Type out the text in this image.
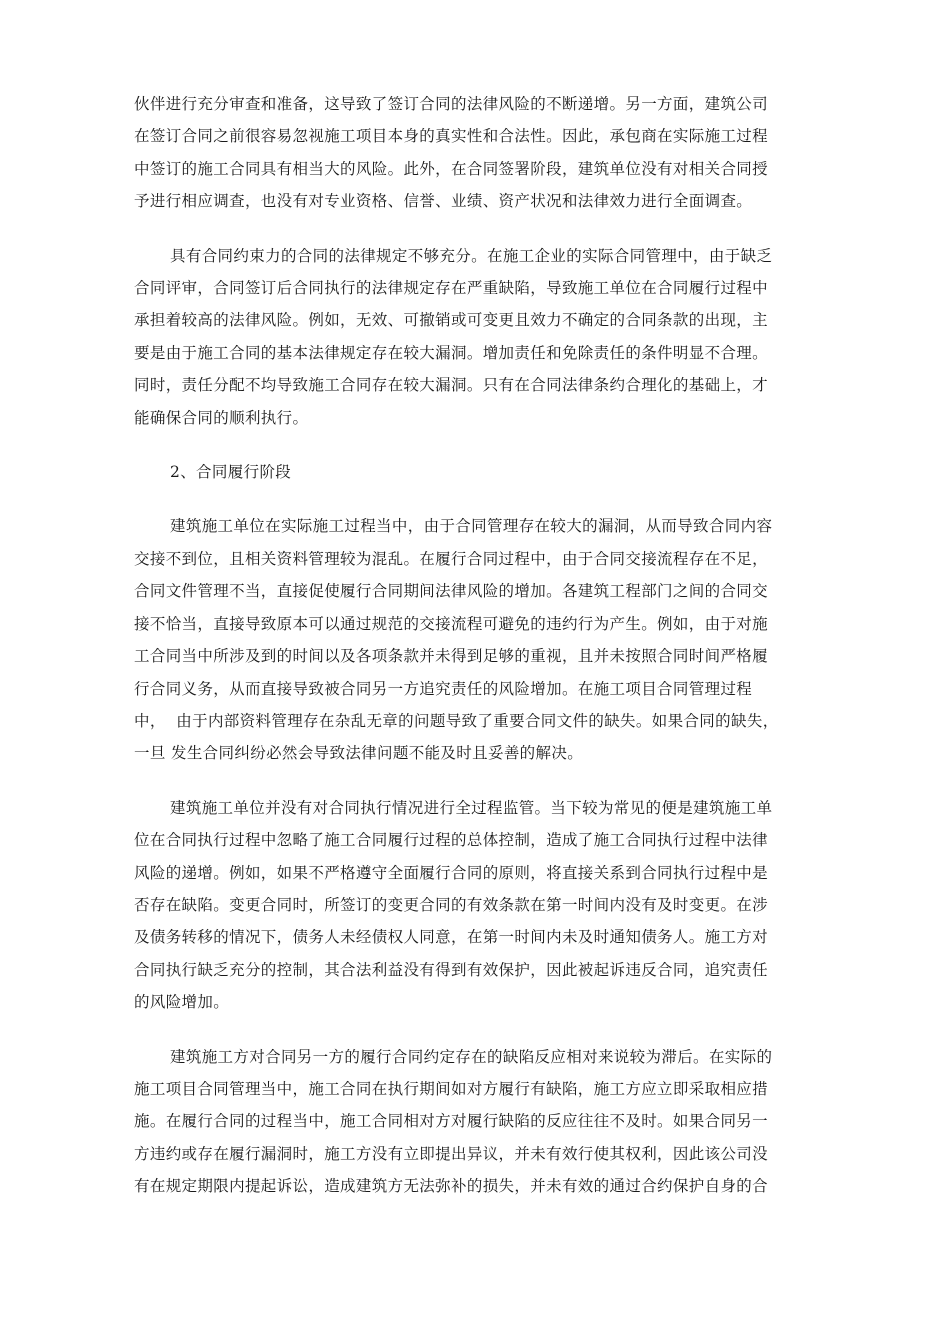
伙伴进行充分审查和准备，这导致了签订合同的法律风险的不断递增。另一方面，建筑公司
在签订合同之前很容易忽视施工项目本身的真实性和合法性。因此，承包商在实际施工过程
中签订的施工合同具有相当大的风险。此外，在合同签署阶段，建筑单位没有对相关合同授
予进行相应调查，也没有对专业资格、信誉、业绩、资产状况和法律效力进行全面调查。
具有合同约束力的合同的法律规定不够充分。在施工企业的实际合同管理中，由于缺乏
合同评审，合同签订后合同执行的法律规定存在严重缺陷，导致施工单位在合同履行过程中
承担着较高的法律风险。例如，无效、可撤销或可变更且效力不确定的合同条款的出现，主
要是由于施工合同的基本法律规定存在较大漏洞。增加责任和免除责任的条件明显不合理。
同时，责任分配不均导致施工合同存在较大漏洞。只有在合同法律条约合理化的基础上，才
能确保合同的顺利执行。
2、合同履行阶段
建筑施工单位在实际施工过程当中，由于合同管理存在较大的漏洞，从而导致合同内容
交接不到位，且相关资料管理较为混乱。在履行合同过程中，由于合同交接流程存在不足，
合同文件管理不当，直接促使履行合同期间法律风险的增加。各建筑工程部门之间的合同交
接不恰当，直接导致原本可以通过规范的交接流程可避免的违约行为产生。例如，由于对施
工合同当中所涉及到的时间以及各项条款并未得到足够的重视，且并未按照合同时间严格履
行合同义务，从而直接导致被合同另一方追究责任的风险增加。在施工项目合同管理过程
中，  由于内部资料管理存在杂乱无章的问题导致了重要合同文件的缺失。如果合同的缺失，
一旦 发生合同纠纷必然会导致法律问题不能及时且妥善的解决。
建筑施工单位并没有对合同执行情况进行全过程监管。当下较为常见的便是建筑施工单
位在合同执行过程中忽略了施工合同履行过程的总体控制，造成了施工合同执行过程中法律
风险的递增。例如，如果不严格遵守全面履行合同的原则，将直接关系到合同执行过程中是
否存在缺陷。变更合同时，所签订的变更合同的有效条款在第一时间内没有及时变更。在涉
及债务转移的情况下，债务人未经债权人同意，在第一时间内未及时通知债务人。施工方对
合同执行缺乏充分的控制，其合法利益没有得到有效保护，因此被起诉违反合同，追究责任
的风险增加。
建筑施工方对合同另一方的履行合同约定存在的缺陷反应相对来说较为滞后。在实际的
施工项目合同管理当中，施工合同在执行期间如对方履行有缺陷，施工方应立即采取相应措
施。在履行合同的过程当中，施工合同相对方对履行缺陷的反应往往不及时。如果合同另一
方违约或存在履行漏洞时，施工方没有立即提出异议，并未有效行使其权利，因此该公司没
有在规定期限内提起诉讼，造成建筑方无法弥补的损失，并未有效的通过合约保护自身的合
